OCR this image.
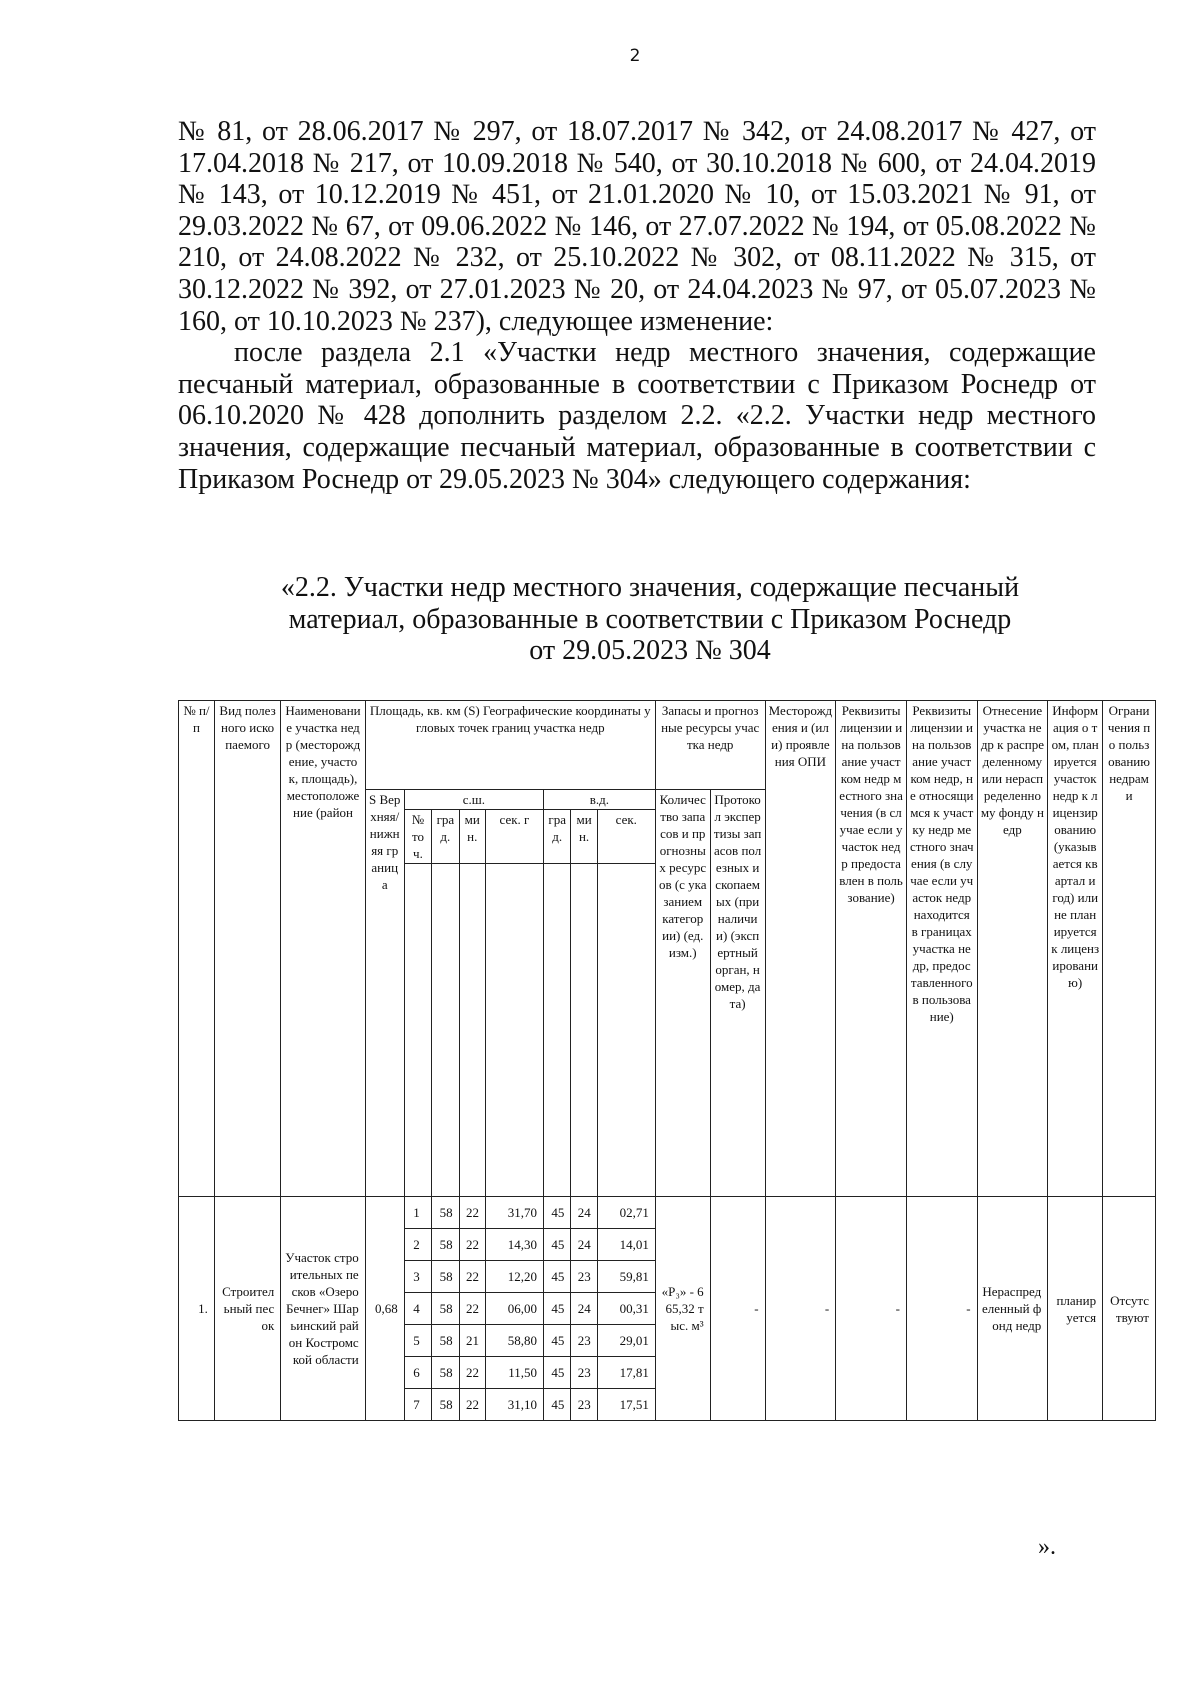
2

№ 81, от 28.06.2017 № 297, от 18.07.2017 № 342, от 24.08.2017 № 427, от 17.04.2018 № 217, от 10.09.2018 № 540, от 30.10.2018 № 600, от 24.04.2019 № 143, от 10.12.2019 № 451, от 21.01.2020 № 10, от 15.03.2021 № 91, от 29.03.2022 № 67, от 09.06.2022 № 146, от 27.07.2022 № 194, от 05.08.2022 № 210, от 24.08.2022 № 232, от 25.10.2022 № 302, от 08.11.2022 № 315, от 30.12.2022 № 392, от 27.01.2023 № 20, от 24.04.2023 № 97, от 05.07.2023 № 160, от 10.10.2023 № 237), следующее изменение:

после раздела 2.1 «Участки недр местного значения, содержащие песчаный материал, образованные в соответствии с Приказом Роснедр от 06.10.2020 № 428 дополнить разделом 2.2. «2.2. Участки недр местного значения, содержащие песчаный материал, образованные в соответствии с Приказом Роснедр от 29.05.2023 № 304» следующего содержания:

«2.2. Участки недр местного значения, содержащие песчаный
материал, образованные в соответствии с Приказом Роснедр
от 29.05.2023 № 304
№ п/п	Вид полезного ископаемого	Наименование участка недр (месторождение, участок, площадь), местоположение (район	Площадь, кв. км (S) Географические координаты угловых точек границ участка недр								Запасы и прогнозные ресурсы участка недр		Месторождения и (или) проявления ОПИ	Реквизиты лицензии и на пользование участком недр местного значения (в случае если участок недр предоставлен в пользование)	Реквизиты лицензии и на пользование участком недр, не относящимся к участку недр местного значения (в случае если участок недр находится в границах участка недр, предоставленного в пользование)	Отнесение участка недр к распределенному или нераспределенному фонду недр	Информация о том, планируется участок недр к лицензированию (указывается квартал и год) или не планируется к лицензированию)	Ограничения по пользованию недрами
			S Верхняя/нижняя граница	с.ш.				в.д.			Количество запасов и прогнозных ресурсов (с указанием категории) (ед. изм.)	Протокол экспертизы запасов полезных ископаемых (при наличии) (экспертный орган, номер, дата)						
				№ точ.	град.	мин.	сек. г	град.	мин.	сек.								

1.	Строительный песок	Участок строительных песков «Озеро Бечнег» Шарьинский район Костромской области	0,68	1	58	22	31,70	45	24	02,71	«P₃» - 665,32 тыс. м³	-	-	-	-	Нераспределенный фонд недр	планируется	Отсутствуют
				2	58	22	14,30	45	24	14,01								
				3	58	22	12,20	45	23	59,81								
				4	58	22	06,00	45	24	00,31								
				5	58	21	58,80	45	23	29,01								
				6	58	22	11,50	45	23	17,81								
				7	58	22	31,10	45	23	17,51								
».
